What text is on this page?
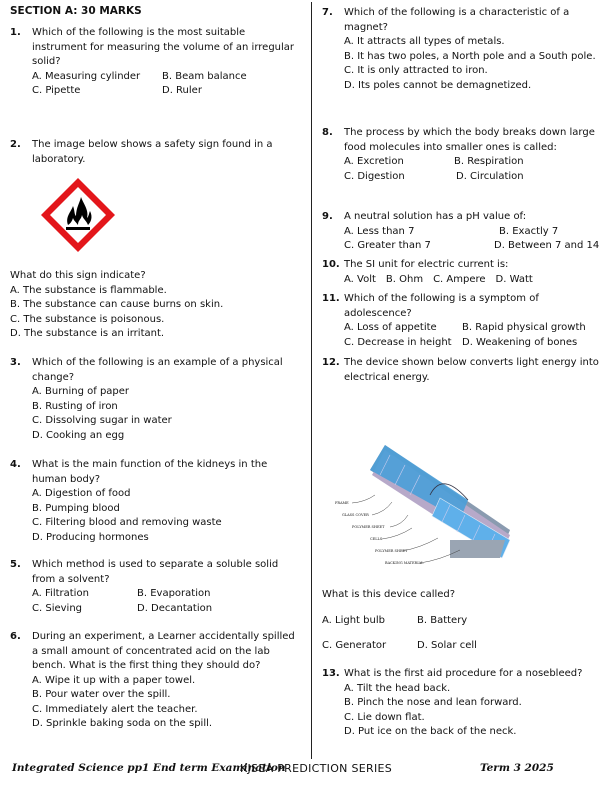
SECTION A: 30 MARKS
1.	Which of the following is the most suitable instrument for measuring the volume of an irregular solid?
A. Measuring cylinder	B. Beam balance
C. Pipette	D. Ruler
2.	The image below shows a safety sign found in a laboratory.
What do this sign indicate?
A. The substance is flammable.
B. The substance can cause burns on skin.
C. The substance is poisonous.
D. The substance is an irritant.
3.	Which of the following is an example of a physical change?
A. Burning of paper
B. Rusting of iron
C. Dissolving sugar in water
D. Cooking an egg
4.	What is the main function of the kidneys in the human body?
A. Digestion of food
B. Pumping blood
C. Filtering blood and removing waste
D. Producing hormones
5.	Which method is used to separate a soluble solid from a solvent?
A. Filtration	B. Evaporation
C. Sieving	D. Decantation
6.	During an experiment, a Learner accidentally spilled a small amount of concentrated acid on the lab bench. What is the first thing they should do?
A. Wipe it up with a paper towel.
B. Pour water over the spill.
C. Immediately alert the teacher.
D. Sprinkle baking soda on the spill.
7.	Which of the following is a characteristic of a magnet?
A. It attracts all types of metals.
B. It has two poles, a North pole and a South pole.
C. It is only attracted to iron.
D. Its poles cannot be demagnetized.
8.	The process by which the body breaks down large food molecules into smaller ones is called:
A. Excretion	B. Respiration
C. Digestion	D. Circulation
9.	A neutral solution has a pH value of:
A. Less than 7	B. Exactly 7
C. Greater than 7	D. Between 7 and 14
10. The SI unit for electric current is:
A. Volt B. Ohm C. Ampere D. Watt
11. Which of the following is a symptom of adolescence?
A. Loss of appetite	B. Rapid physical growth
C. Decrease in height	D. Weakening of bones
12. The device shown below converts light energy into electrical energy.
FRAME
GLASS COVER
POLYMER SHEET
CELLS
POLYMER SHEET
BACKING MATERIAL
What is this device called?
A. Light bulb	B. Battery
C. Generator	D. Solar cell
13. What is the first aid procedure for a nosebleed?
A. Tilt the head back.
B. Pinch the nose and lean forward.
C. Lie down flat.
D. Put ice on the back of the neck.
Integrated Science pp1 End term Examination
KJSEA PREDICTION SERIES	Term 3 2025
